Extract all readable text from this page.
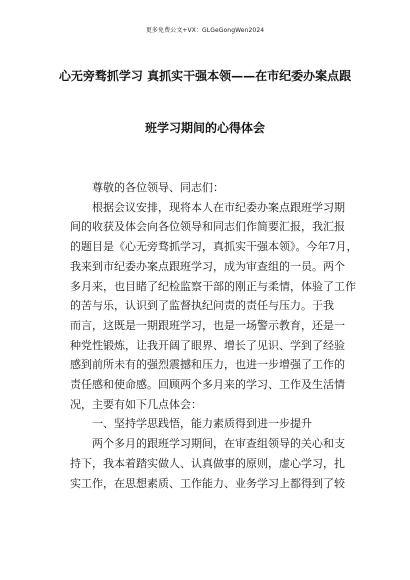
更多免费公文+VX：GLGeGongWen2024
心无旁骛抓学习 真抓实干强本领——在市纪委办案点跟
班学习期间的心得体会

尊敬的各位领导、同志们：

根据会议安排，现将本人在市纪委办案点跟班学习期

间的收获及体会向各位领导和同志们作简要汇报，我汇报

的题目是《心无旁骛抓学习，真抓实干强本领》。今年7月，

我来到市纪委办案点跟班学习，成为审查组的一员。两个

多月来，也目睹了纪检监察干部的刚正与柔情，体验了工作

的苦与乐，认识到了监督执纪问责的责任与压力。于我

而言，这既是一期跟班学习，也是一场警示教育，还是一

种党性锻炼，让我开阔了眼界、增长了见识、学到了经验

感到前所未有的强烈震撼和压力，也进一步增强了工作的

责任感和使命感。回顾两个多月来的学习、工作及生活情

况，主要有如下几点体会：

一、坚持学思践悟，能力素质得到进一步提升

两个多月的跟班学习期间，在审查组领导的关心和支

持下，我本着踏实做人、认真做事的原则，虚心学习，扎

实工作，在思想素质、工作能力、业务学习上都得到了较
